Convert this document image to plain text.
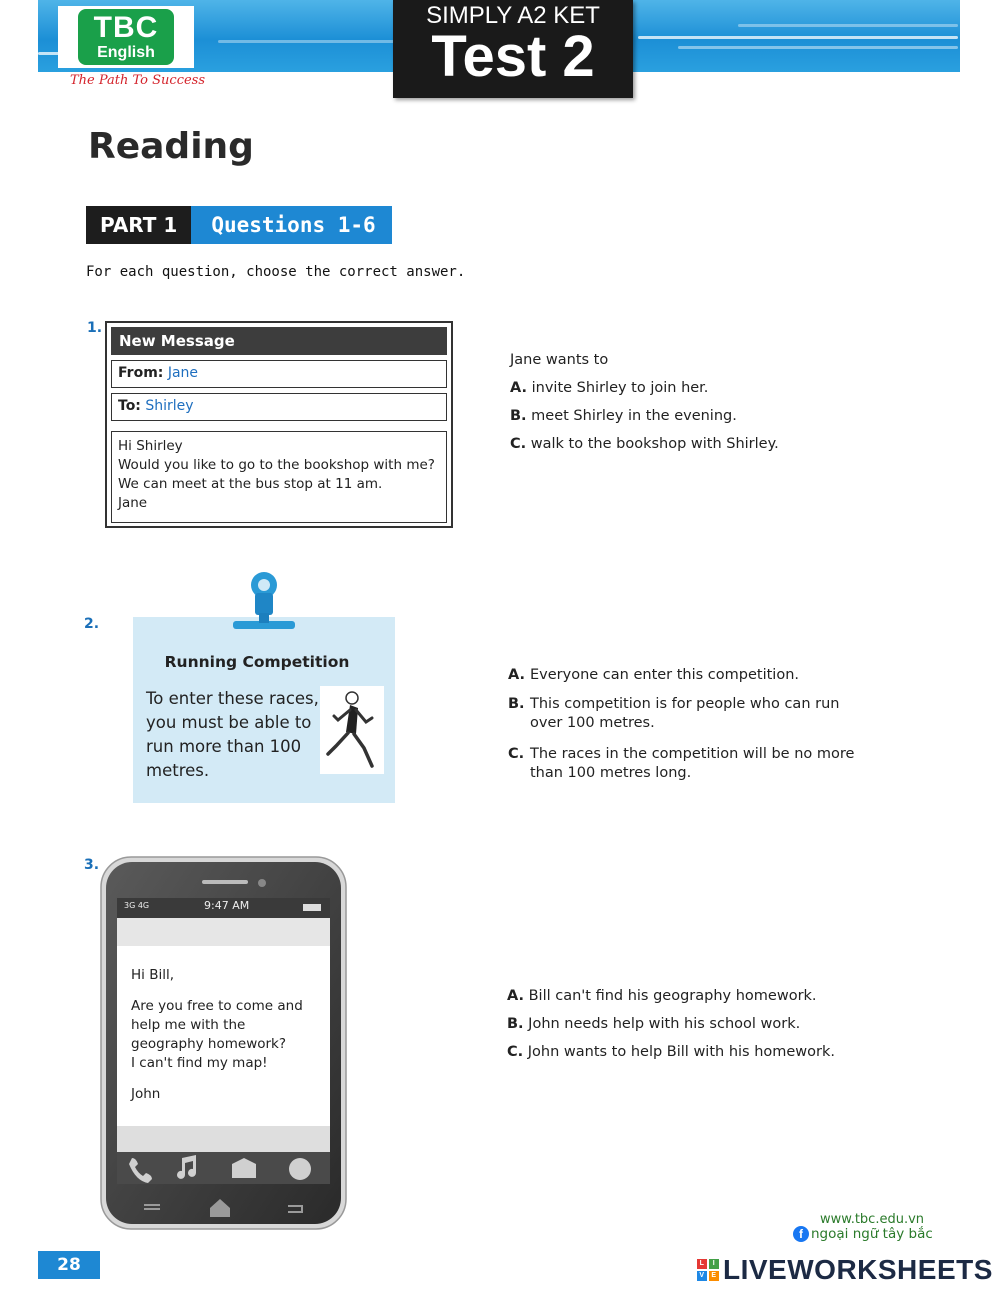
TBC
English
The Path To Success
SIMPLY A2 KET
Test 2
Reading
PART 1	Questions 1-6
For each question, choose the correct answer.
1.
New Message
From: Jane
To: Shirley
Hi Shirley
Would you like to go to the bookshop with me?
We can meet at the bus stop at 11 am.
Jane
Jane wants to
A. invite Shirley to join her.
B. meet Shirley in the evening.
C. walk to the bookshop with Shirley.
2.
Running Competition
To enter these races, you must be able to run more than 100 metres.
A. Everyone can enter this competition.
B. This competition is for people who can run over 100 metres.
C. The races in the competition will be no more than 100 metres long.
3.
3G 4G	9:47 AM
Hi Bill,
Are you free to come and help me with the geography homework?
I can't find my map!
John
A. Bill can't find his geography homework.
B. John needs help with his school work.
C. John wants to help Bill with his homework.
28
www.tbc.edu.vn
f ngoại ngữ tây bắc
L	I
V E LIVEWORKSHEETS
